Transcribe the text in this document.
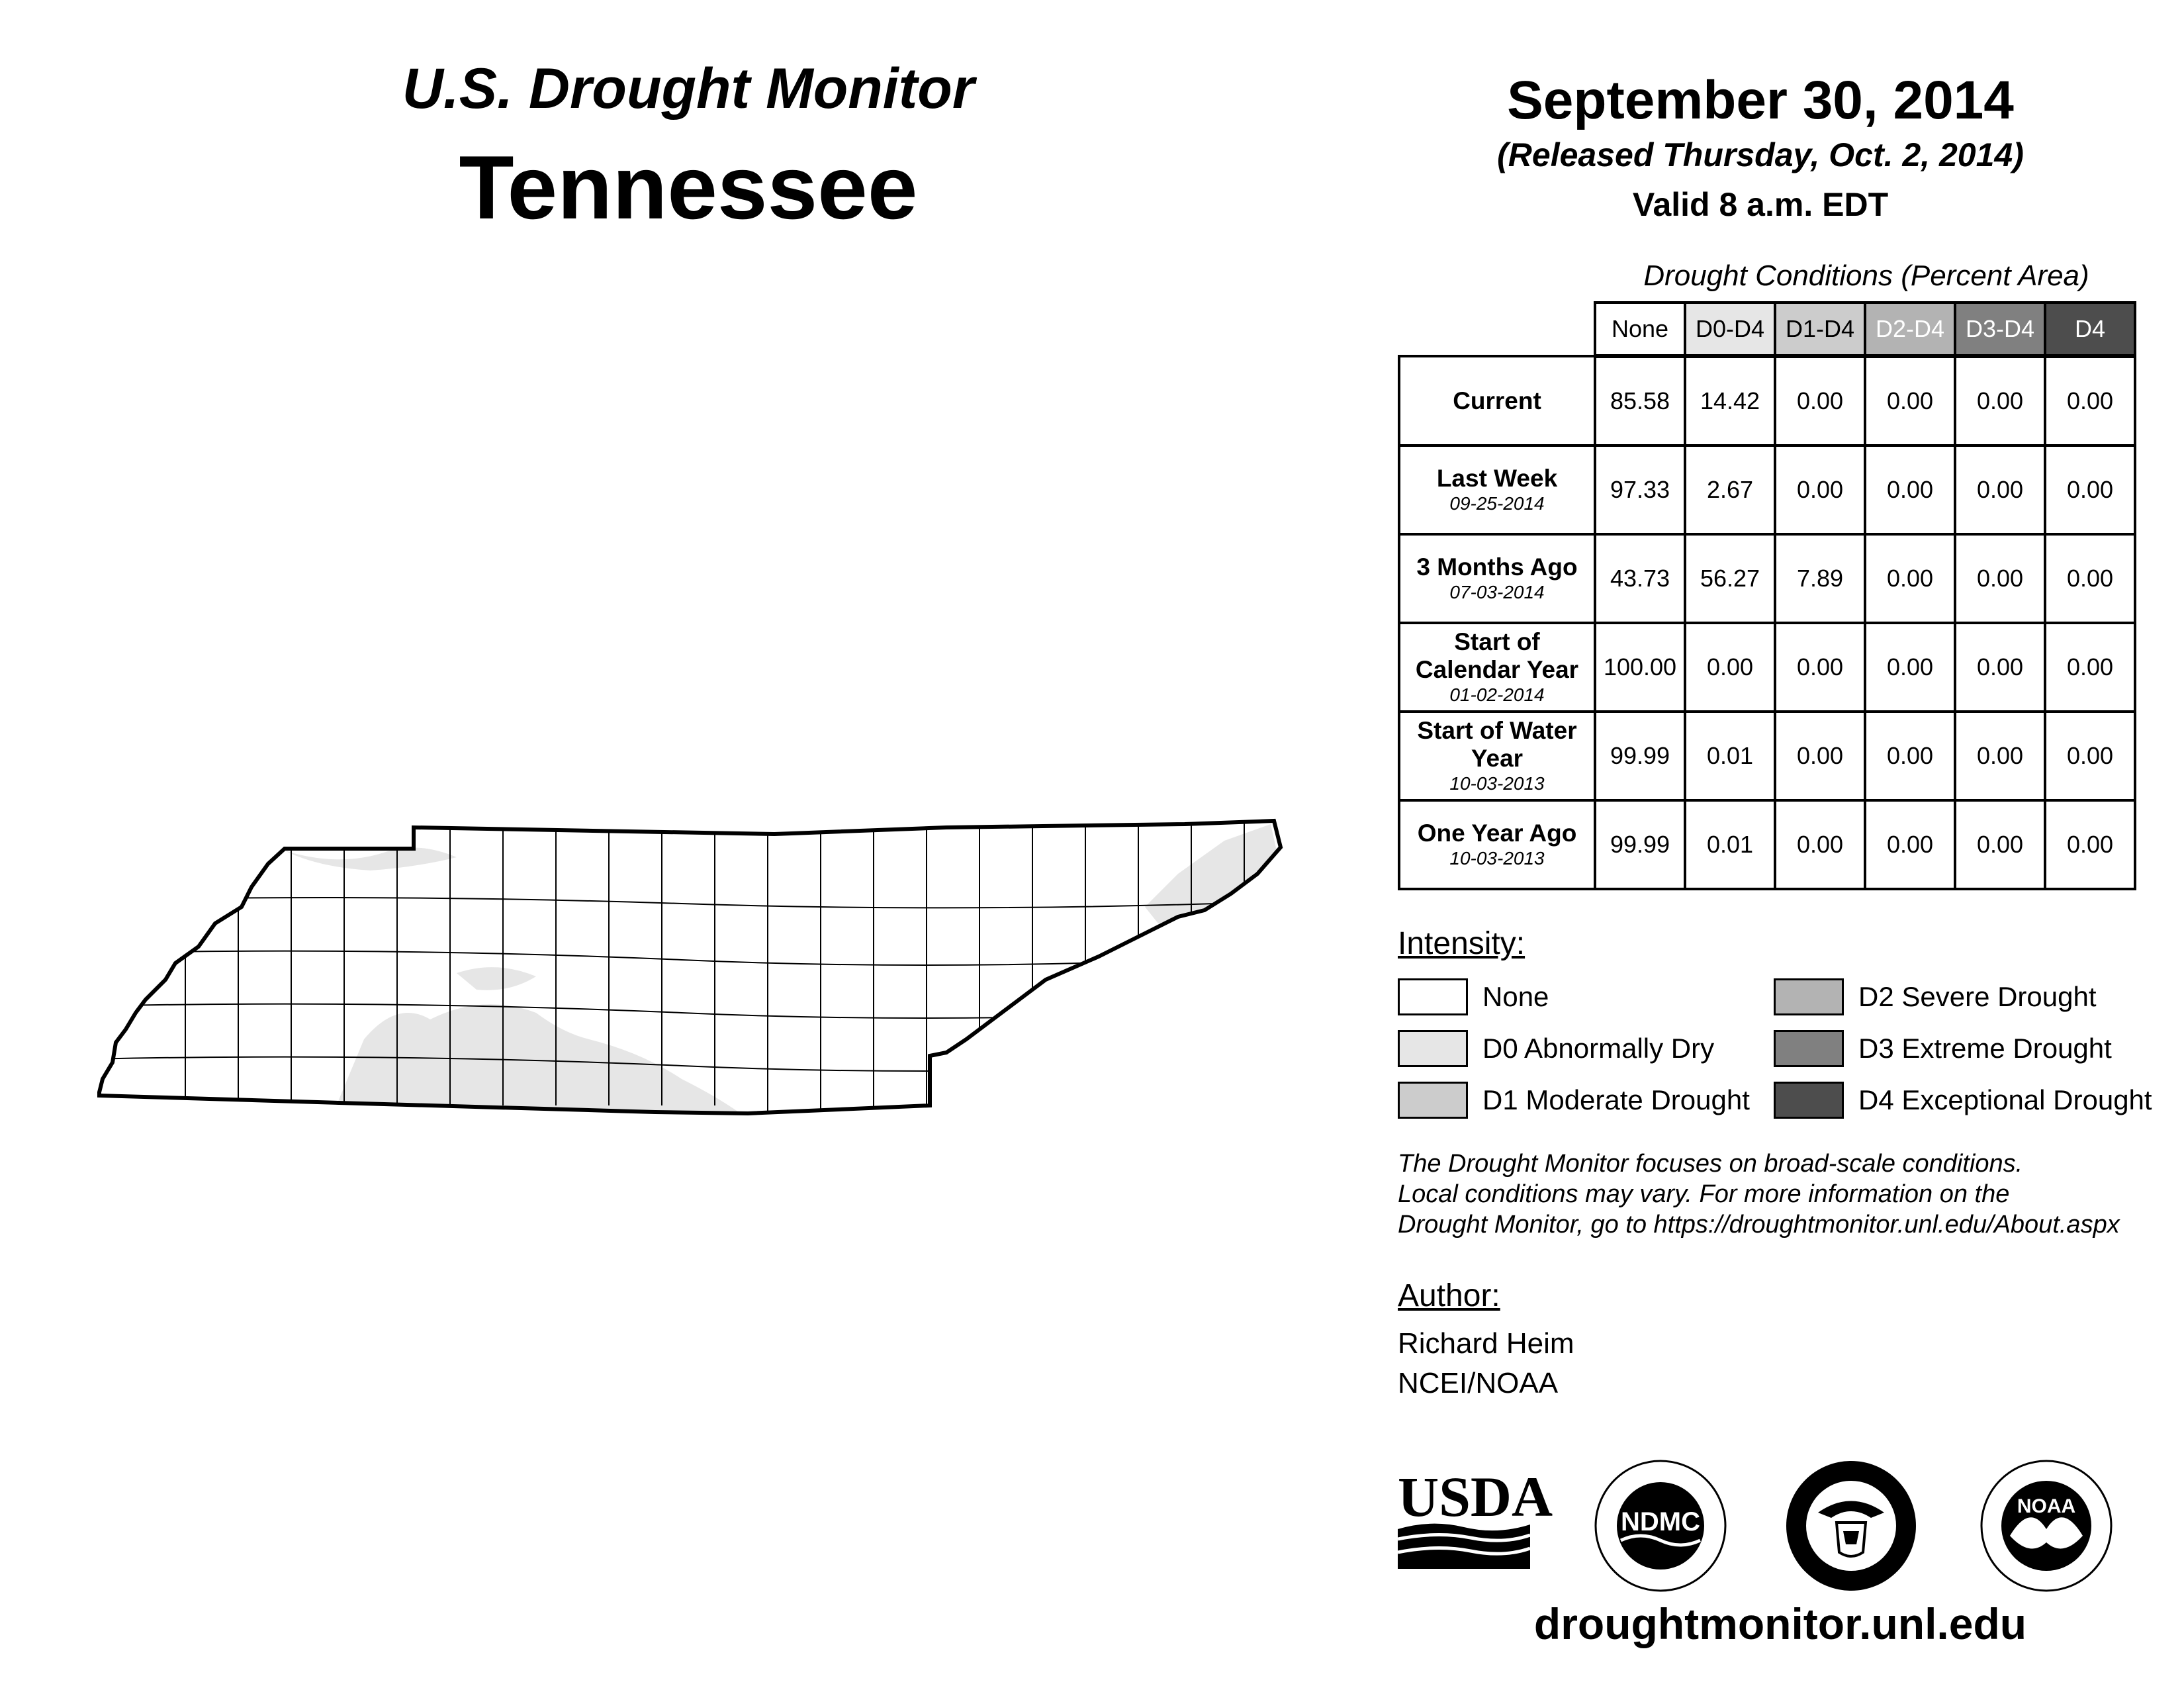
U.S. Drought Monitor
Tennessee
September 30, 2014
(Released Thursday, Oct. 2, 2014)
Valid 8 a.m. EDT
Drought Conditions (Percent Area)
	None	D0-D4	D1-D4	D2-D4	D3-D4	D4
Current	85.58	14.42	0.00	0.00	0.00	0.00
Last Week
09-25-2014	97.33	2.67	0.00	0.00	0.00	0.00
3 Months Ago
07-03-2014	43.73	56.27	7.89	0.00	0.00	0.00
Start of Calendar Year
01-02-2014	100.00	0.00	0.00	0.00	0.00	0.00
Start of Water Year
10-03-2013	99.99	0.01	0.00	0.00	0.00	0.00
One Year Ago
10-03-2013	99.99	0.01	0.00	0.00	0.00	0.00
Intensity:
None
D0 Abnormally Dry
D1 Moderate Drought
D2 Severe Drought
D3 Extreme Drought
D4 Exceptional Drought
The Drought Monitor focuses on broad-scale conditions.
Local conditions may vary. For more information on the
Drought Monitor, go to https://droughtmonitor.unl.edu/About.aspx
Author:
Richard Heim
NCEI/NOAA
USDA	NDMC
NOAA
droughtmonitor.unl.edu
